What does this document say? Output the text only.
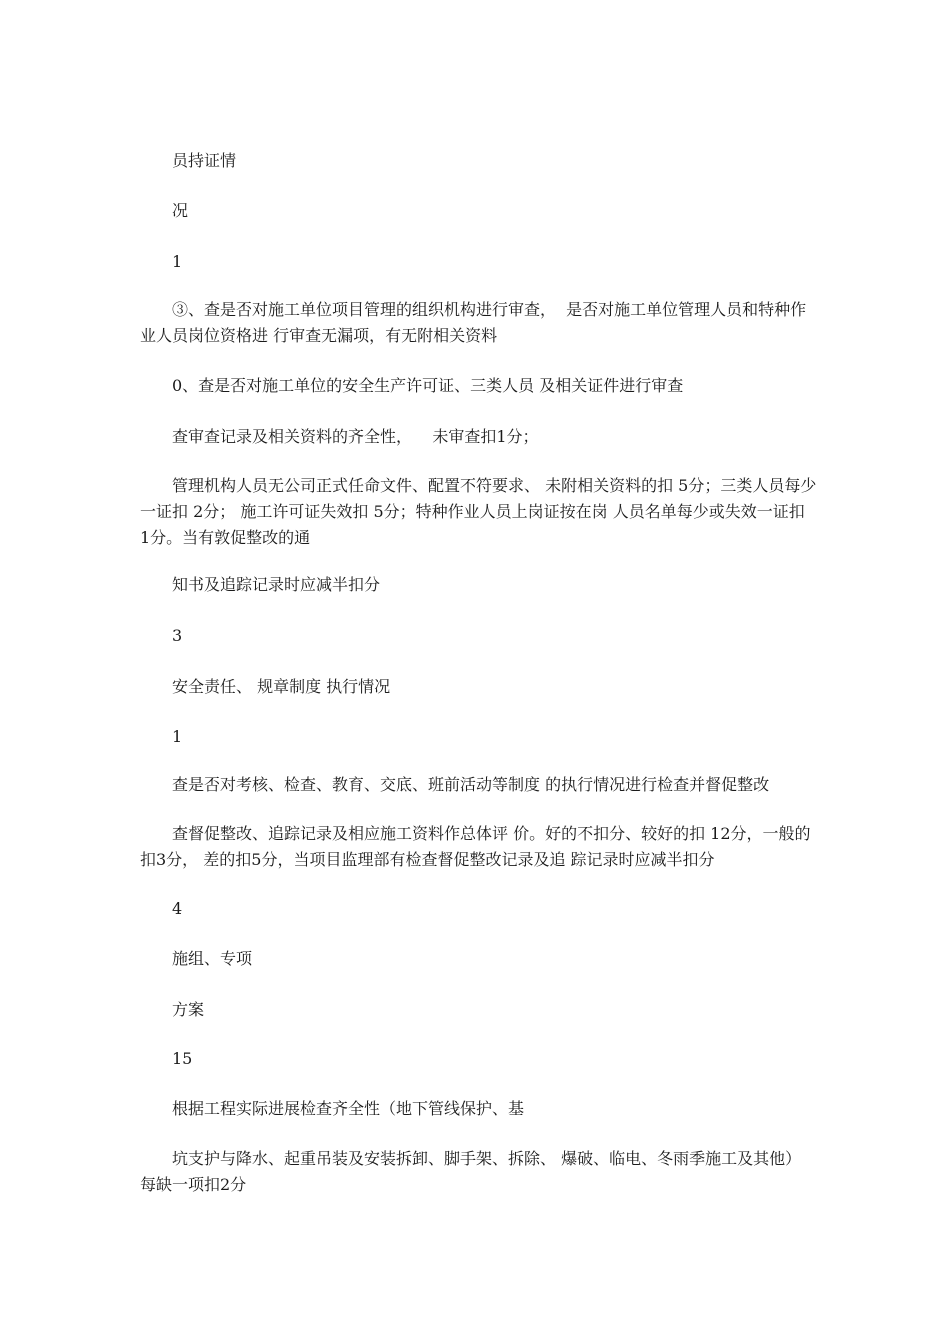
员持证情

况

1

③、查是否对施工单位项目管理的组织机构进行审查，  是否对施工单位管理人员和特种作业人员岗位资格进 行审查无漏项，有无附相关资料

0、查是否对施工单位的安全生产许可证、三类人员 及相关证件进行审查

查审查记录及相关资料的齐全性，    未审查扣1分；

管理机构人员无公司正式任命文件、配置不符要求、 未附相关资料的扣 5分；三类人员每少一证扣 2分； 施工许可证失效扣 5分；特种作业人员上岗证按在岗 人员名单每少或失效一证扣    1分。当有敦促整改的通

知书及追踪记录时应减半扣分

3

安全责任、 规章制度 执行情况

1

查是否对考核、检查、教育、交底、班前活动等制度 的执行情况进行检查并督促整改

查督促整改、追踪记录及相应施工资料作总体评 价。好的不扣分、较好的扣 12分，一般的扣3分， 差的扣5分，当项目监理部有检查督促整改记录及追 踪记录时应减半扣分

4

施组、专项

方案

15

根据工程实际进展检查齐全性（地下管线保护、基

坑支护与降水、起重吊装及安装拆卸、脚手架、拆除、 爆破、临电、冬雨季施工及其他）    每缺一项扣2分
